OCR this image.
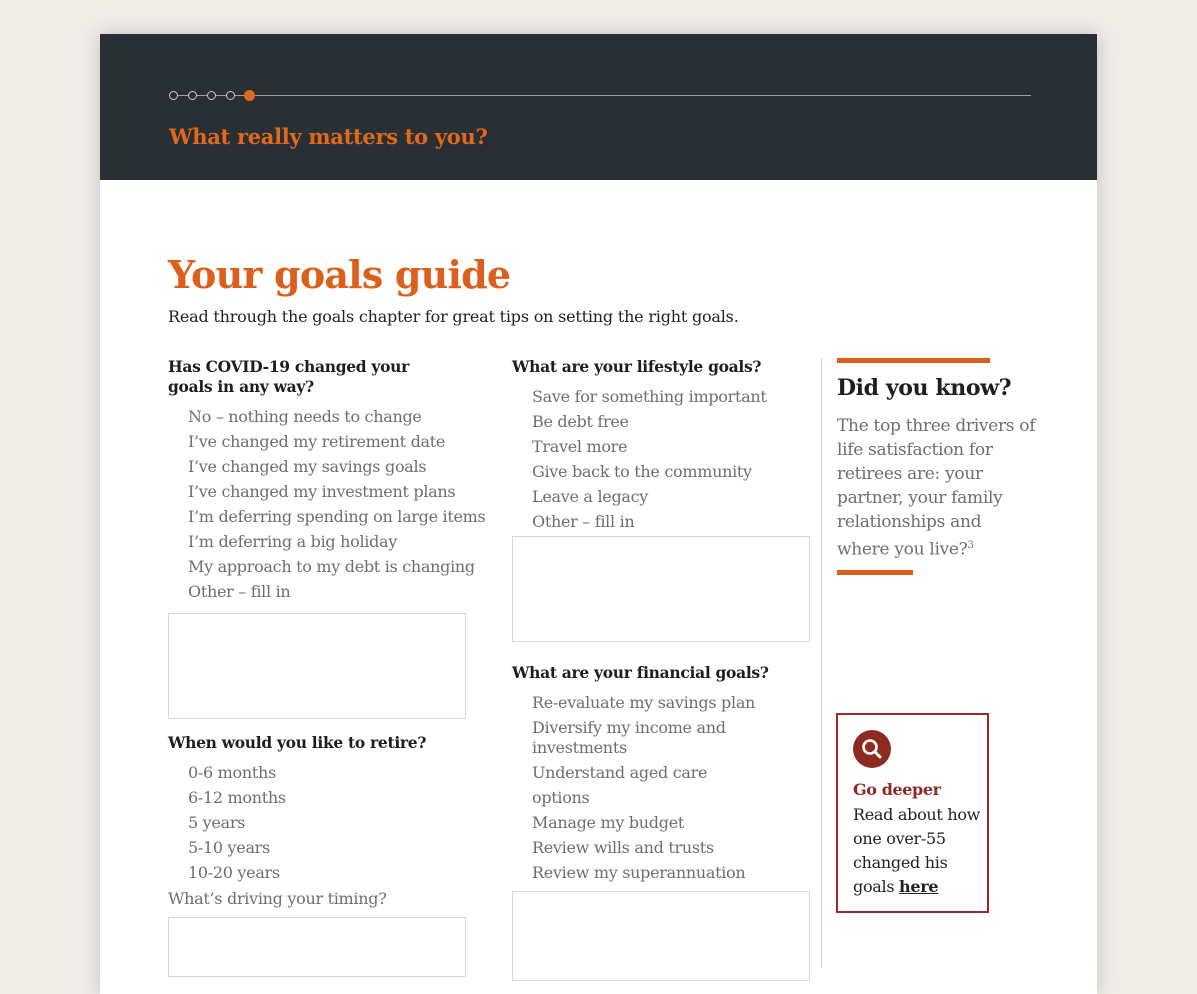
What really matters to you?
Your goals guide
Read through the goals chapter for great tips on setting the right goals.
Has COVID-19 changed your goals in any way?
No – nothing needs to change
I’ve changed my retirement date
I’ve changed my savings goals
I’ve changed my investment plans
I’m deferring spending on large items
I’m deferring a big holiday
My approach to my debt is changing
Other – fill in
When would you like to retire?
0-6 months
6-12 months
5 years
5-10 years
10-20 years
What’s driving your timing?
What are your lifestyle goals?
Save for something important
Be debt free
Travel more
Give back to the community
Leave a legacy
Other – fill in
What are your financial goals?
Re-evaluate my savings plan
Diversify my income and investments
Understand aged care options
Manage my budget
Review wills and trusts
Review my superannuation
Did you know?
The top three drivers of life satisfaction for retirees are: your partner, your family relationships and where you live?$^3$
Go deeper
Read about how one over-55 changed his goals here
